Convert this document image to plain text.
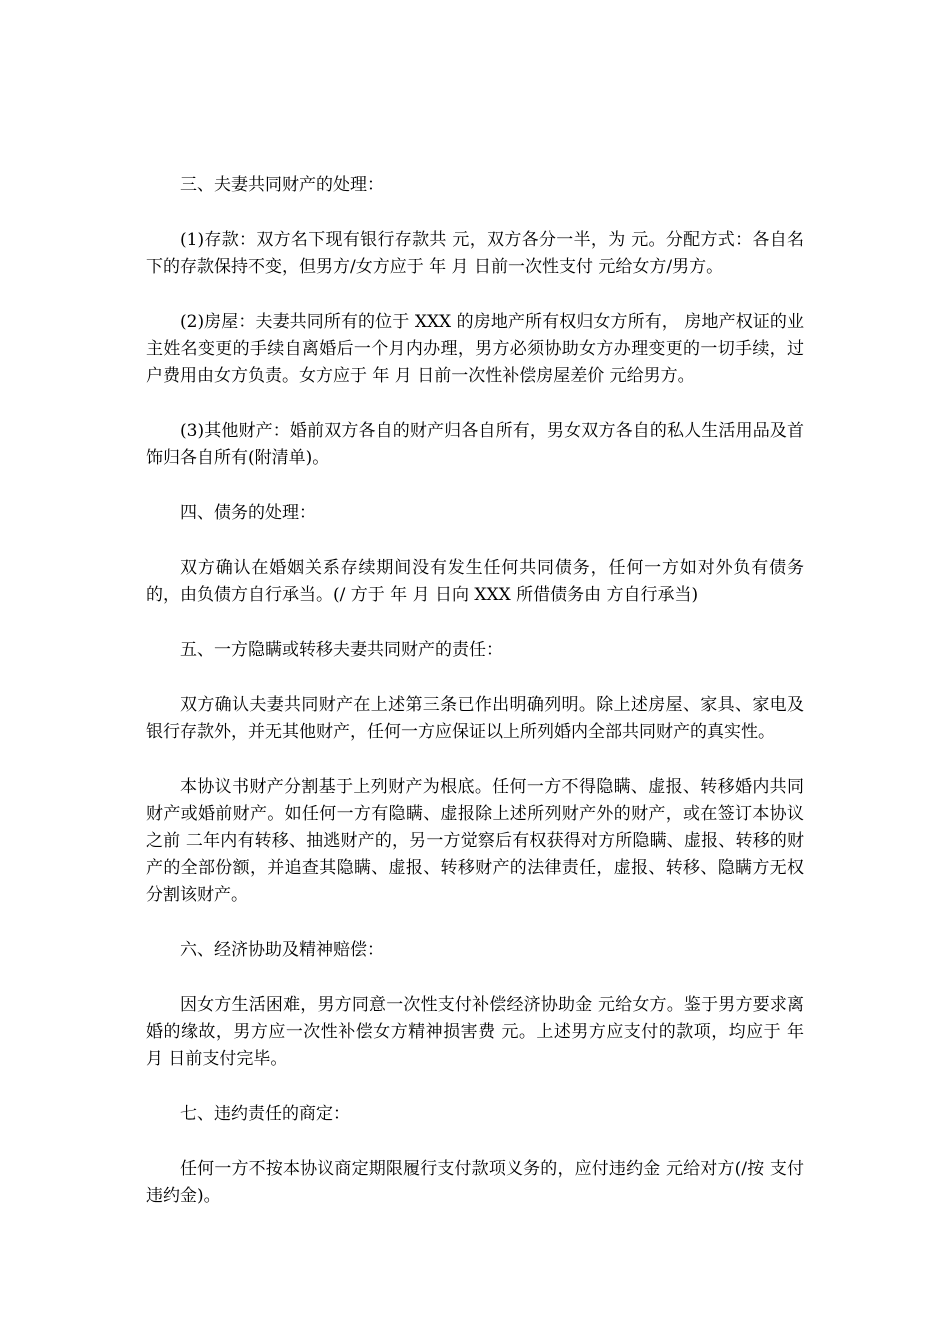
三、夫妻共同财产的处理：

(1)存款：双方名下现有银行存款共 元，双方各分一半，为 元。分配方式：各自名下的存款保持不变，但男方/女方应于 年 月 日前一次性支付 元给女方/男方。

(2)房屋：夫妻共同所有的位于 XXX 的房地产所有权归女方所有， 房地产权证的业主姓名变更的手续自离婚后一个月内办理，男方必须协助女方办理变更的一切手续，过户费用由女方负责。女方应于 年 月 日前一次性补偿房屋差价 元给男方。

(3)其他财产：婚前双方各自的财产归各自所有，男女双方各自的私人生活用品及首饰归各自所有(附清单)。

四、债务的处理：

双方确认在婚姻关系存续期间没有发生任何共同债务，任何一方如对外负有债务的，由负债方自行承当。(/ 方于 年 月 日向 XXX 所借债务由 方自行承当)

五、一方隐瞒或转移夫妻共同财产的责任：

双方确认夫妻共同财产在上述第三条已作出明确列明。除上述房屋、家具、家电及银行存款外，并无其他财产，任何一方应保证以上所列婚内全部共同财产的真实性。

本协议书财产分割基于上列财产为根底。任何一方不得隐瞒、虚报、转移婚内共同财产或婚前财产。如任何一方有隐瞒、虚报除上述所列财产外的财产，或在签订本协议之前 二年内有转移、抽逃财产的，另一方觉察后有权获得对方所隐瞒、虚报、转移的财产的全部份额，并追查其隐瞒、虚报、转移财产的法律责任，虚报、转移、隐瞒方无权分割该财产。

六、经济协助及精神赔偿：

因女方生活困难，男方同意一次性支付补偿经济协助金 元给女方。鉴于男方要求离婚的缘故，男方应一次性补偿女方精神损害费 元。上述男方应支付的款项，均应于 年 月 日前支付完毕。

七、违约责任的商定：

任何一方不按本协议商定期限履行支付款项义务的，应付违约金 元给对方(/按 支付违约金)。
